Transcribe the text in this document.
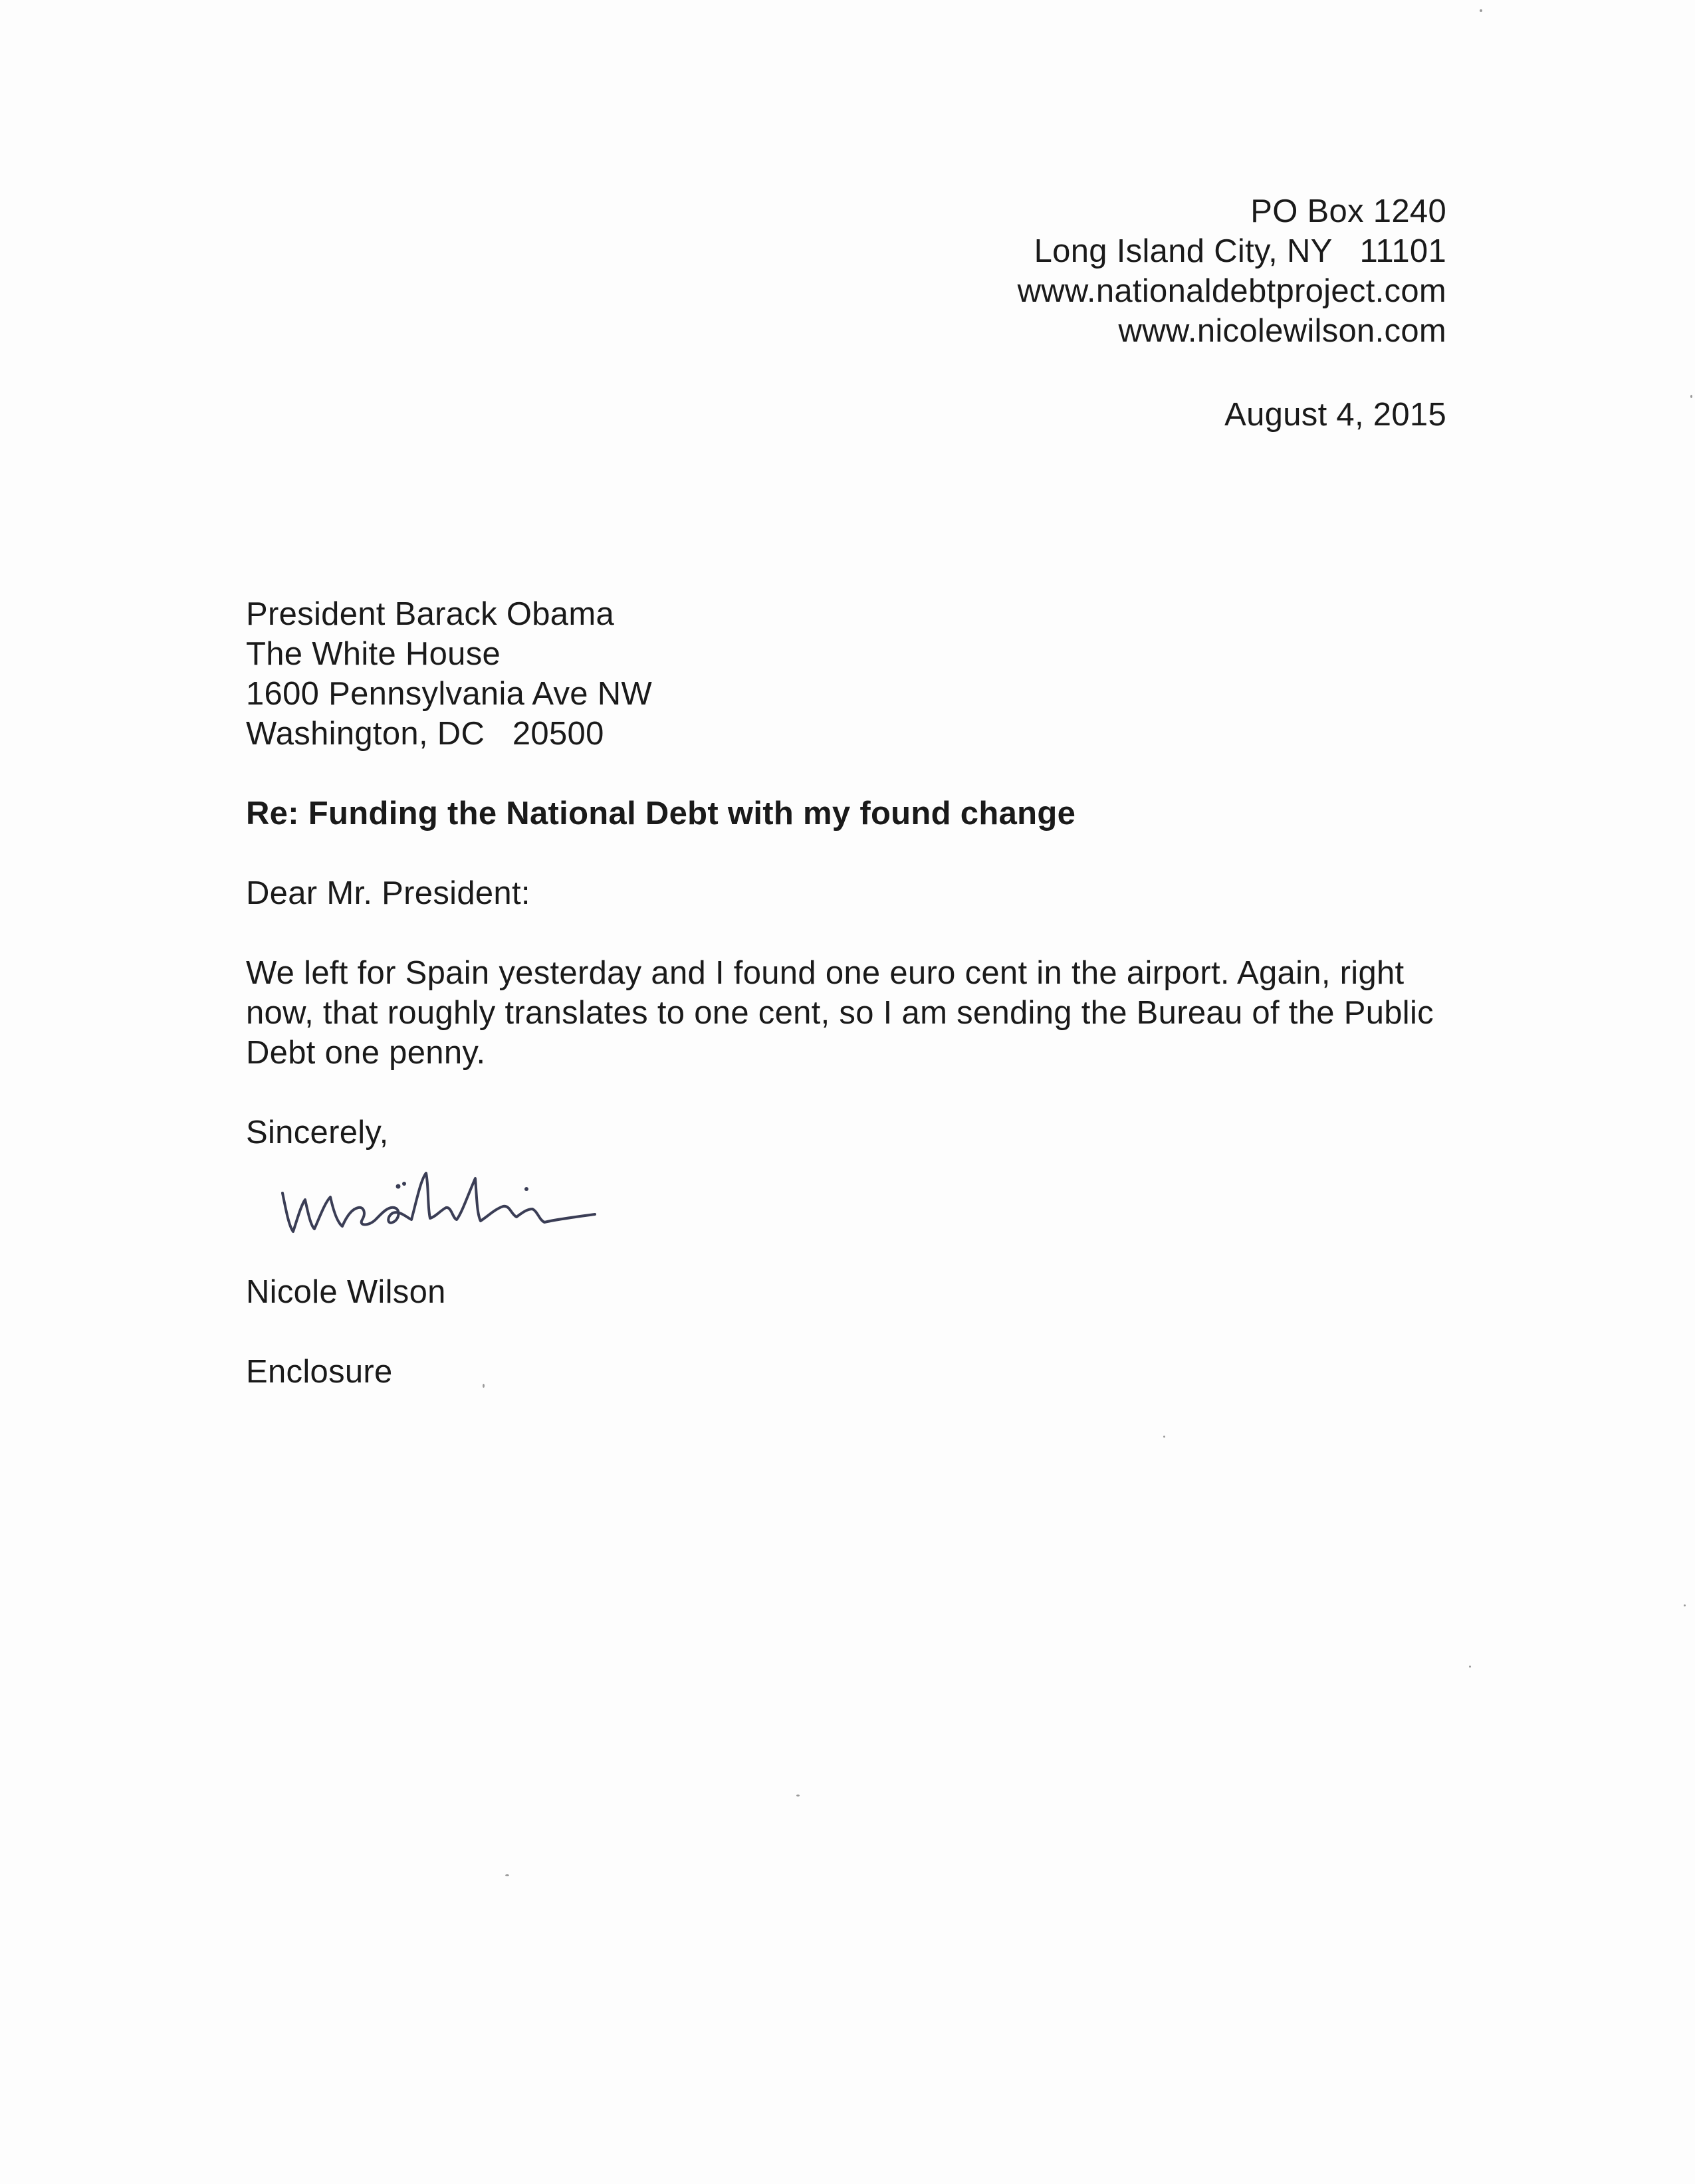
PO Box 1240
Long Island City, NY   11101
www.nationaldebtproject.com
www.nicolewilson.com
August 4, 2015
President Barack Obama
The White House
1600 Pennsylvania Ave NW
Washington, DC   20500
Re: Funding the National Debt with my found change
Dear Mr. President:
We left for Spain yesterday and I found one euro cent in the airport. Again, right now, that roughly translates to one cent, so I am sending the Bureau of the Public Debt one penny.
Sincerely,
Nicole Wilson
Enclosure
